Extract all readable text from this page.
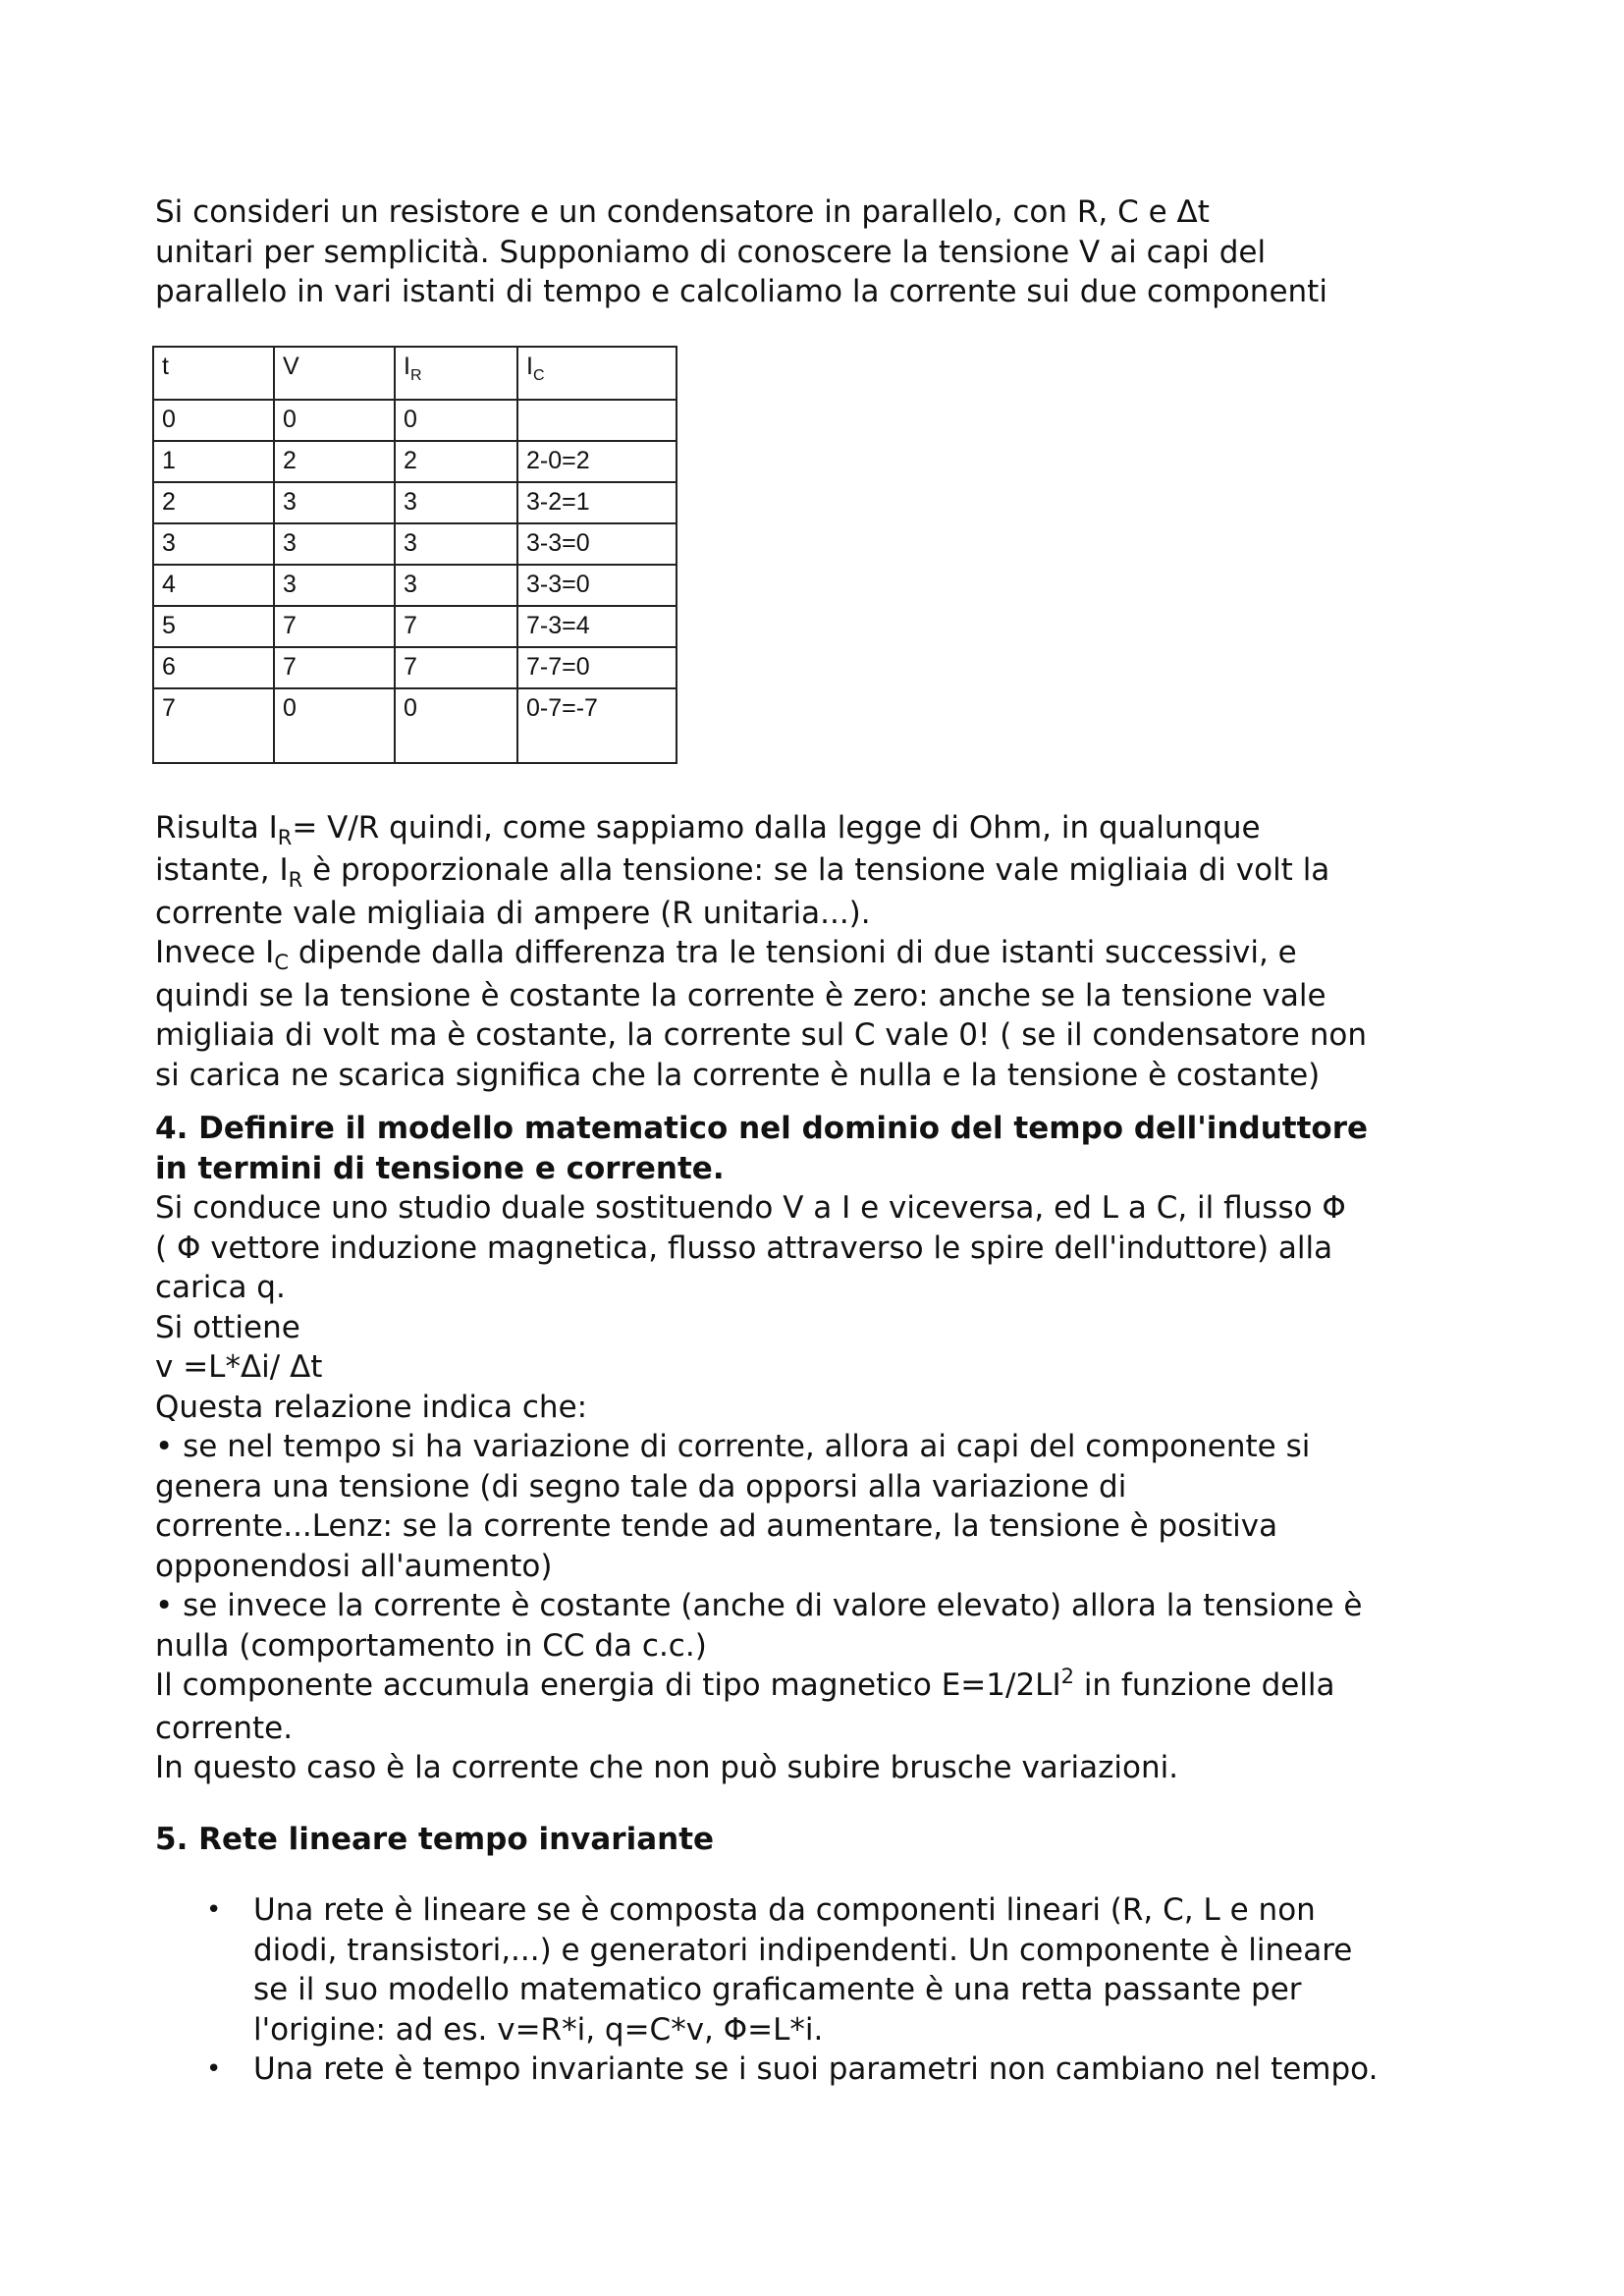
Si consideri un resistore e un condensatore in parallelo, con R, C e Δt
unitari per semplicità. Supponiamo di conoscere la tensione V ai capi del
parallelo in vari istanti di tempo e calcoliamo la corrente sui due componenti
Risulta $I_R= V/R$ quindi, come sappiamo dalla legge di Ohm, in qualunque
istante, $I_R$ è proporzionale alla tensione: se la tensione vale migliaia di volt la
corrente vale migliaia di ampere (R unitaria...).
Invece $I_C$ dipende dalla differenza tra le tensioni di due istanti successivi, e
quindi se la tensione è costante la corrente è zero: anche se la tensione vale
migliaia di volt ma è costante, la corrente sul C vale 0! ( se il condensatore non
si carica ne scarica significa che la corrente è nulla e la tensione è costante)
4. Definire il modello matematico nel dominio del tempo dell'induttore
in termini di tensione e corrente.
Si conduce uno studio duale sostituendo V a I e viceversa, ed L a C, il flusso Φ
( Φ vettore induzione magnetica, flusso attraverso le spire dell'induttore) alla
carica q.
Si ottiene
v =L*Δi/ Δt
Questa relazione indica che:
• se nel tempo si ha variazione di corrente, allora ai capi del componente si
genera una tensione (di segno tale da opporsi alla variazione di
corrente...Lenz: se la corrente tende ad aumentare, la tensione è positiva
opponendosi all'aumento)
• se invece la corrente è costante (anche di valore elevato) allora la tensione è
nulla (comportamento in CC da c.c.)
Il componente accumula energia di tipo magnetico $E=1/2LI^2$ in funzione della
corrente.
In questo caso è la corrente che non può subire brusche variazioni.
5. Rete lineare tempo invariante
• Una rete è lineare se è composta da componenti lineari (R, C, L e non
diodi, transistori,...) e generatori indipendenti. Un componente è lineare
se il suo modello matematico graficamente è una retta passante per
l'origine: ad es. v=R*i, q=C*v, Φ=L*i.
• Una rete è tempo invariante se i suoi parametri non cambiano nel tempo.
t	V	$I_R$	$I_C$
0	0	0	
1	2	2	2-0=2
2	3	3	3-2=1
3	3	3	3-3=0
4	3	3	3-3=0
5	7	7	7-3=4
6	7	7	7-7=0
7	0	0	0-7=-7
